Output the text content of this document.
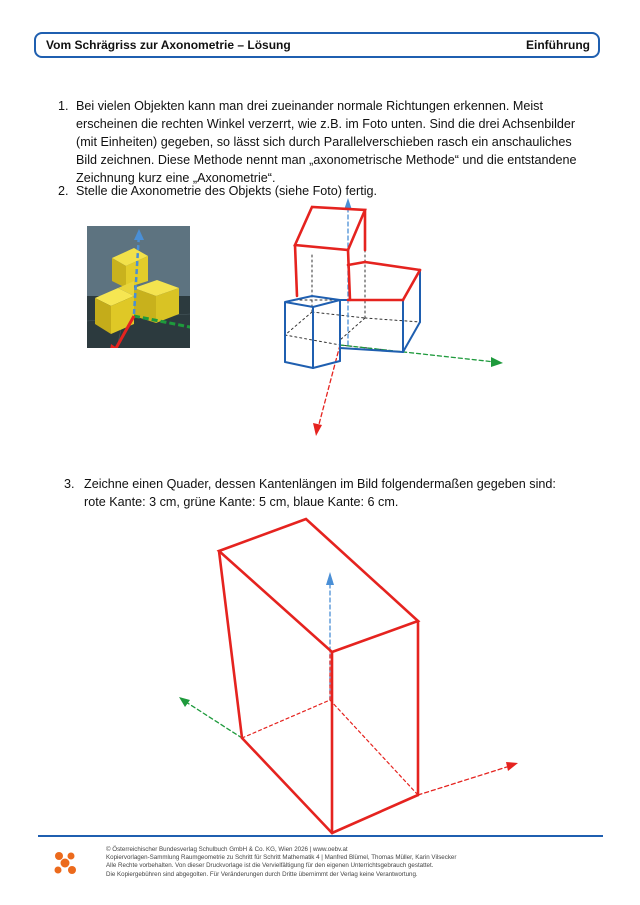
Vom Schrägriss zur Axonometrie – Lösung	Einführung
1. Bei vielen Objekten kann man drei zueinander normale Richtungen erkennen. Meist
erscheinen die rechten Winkel verzerrt, wie z.B. im Foto unten. Sind die drei Achsenbilder
(mit Einheiten) gegeben, so lässt sich durch Parallelverschieben rasch ein anschauliches
Bild zeichnen. Diese Methode nennt man „axonometrische Methode“ und die entstandene
Zeichnung kurz eine „Axonometrie“.
2. Stelle die Axonometrie des Objekts (siehe Foto) fertig.
3. Zeichne einen Quader, dessen Kantenlängen im Bild folgendermaßen gegeben sind:
rote Kante: 3 cm, grüne Kante: 5 cm, blaue Kante: 6 cm.
© Österreichischer Bundesverlag Schulbuch GmbH & Co. KG, Wien 2026 | www.oebv.at
Kopiervorlagen-Sammlung Raumgeometrie zu Schritt für Schritt Mathematik 4 | Manfred Blümel, Thomas Müller, Karin Vilsecker
Alle Rechte vorbehalten. Von dieser Druckvorlage ist die Vervielfältigung für den eigenen Unterrichtsgebrauch gestattet.
Die Kopiergebühren sind abgegolten. Für Veränderungen durch Dritte übernimmt der Verlag keine Verantwortung.
